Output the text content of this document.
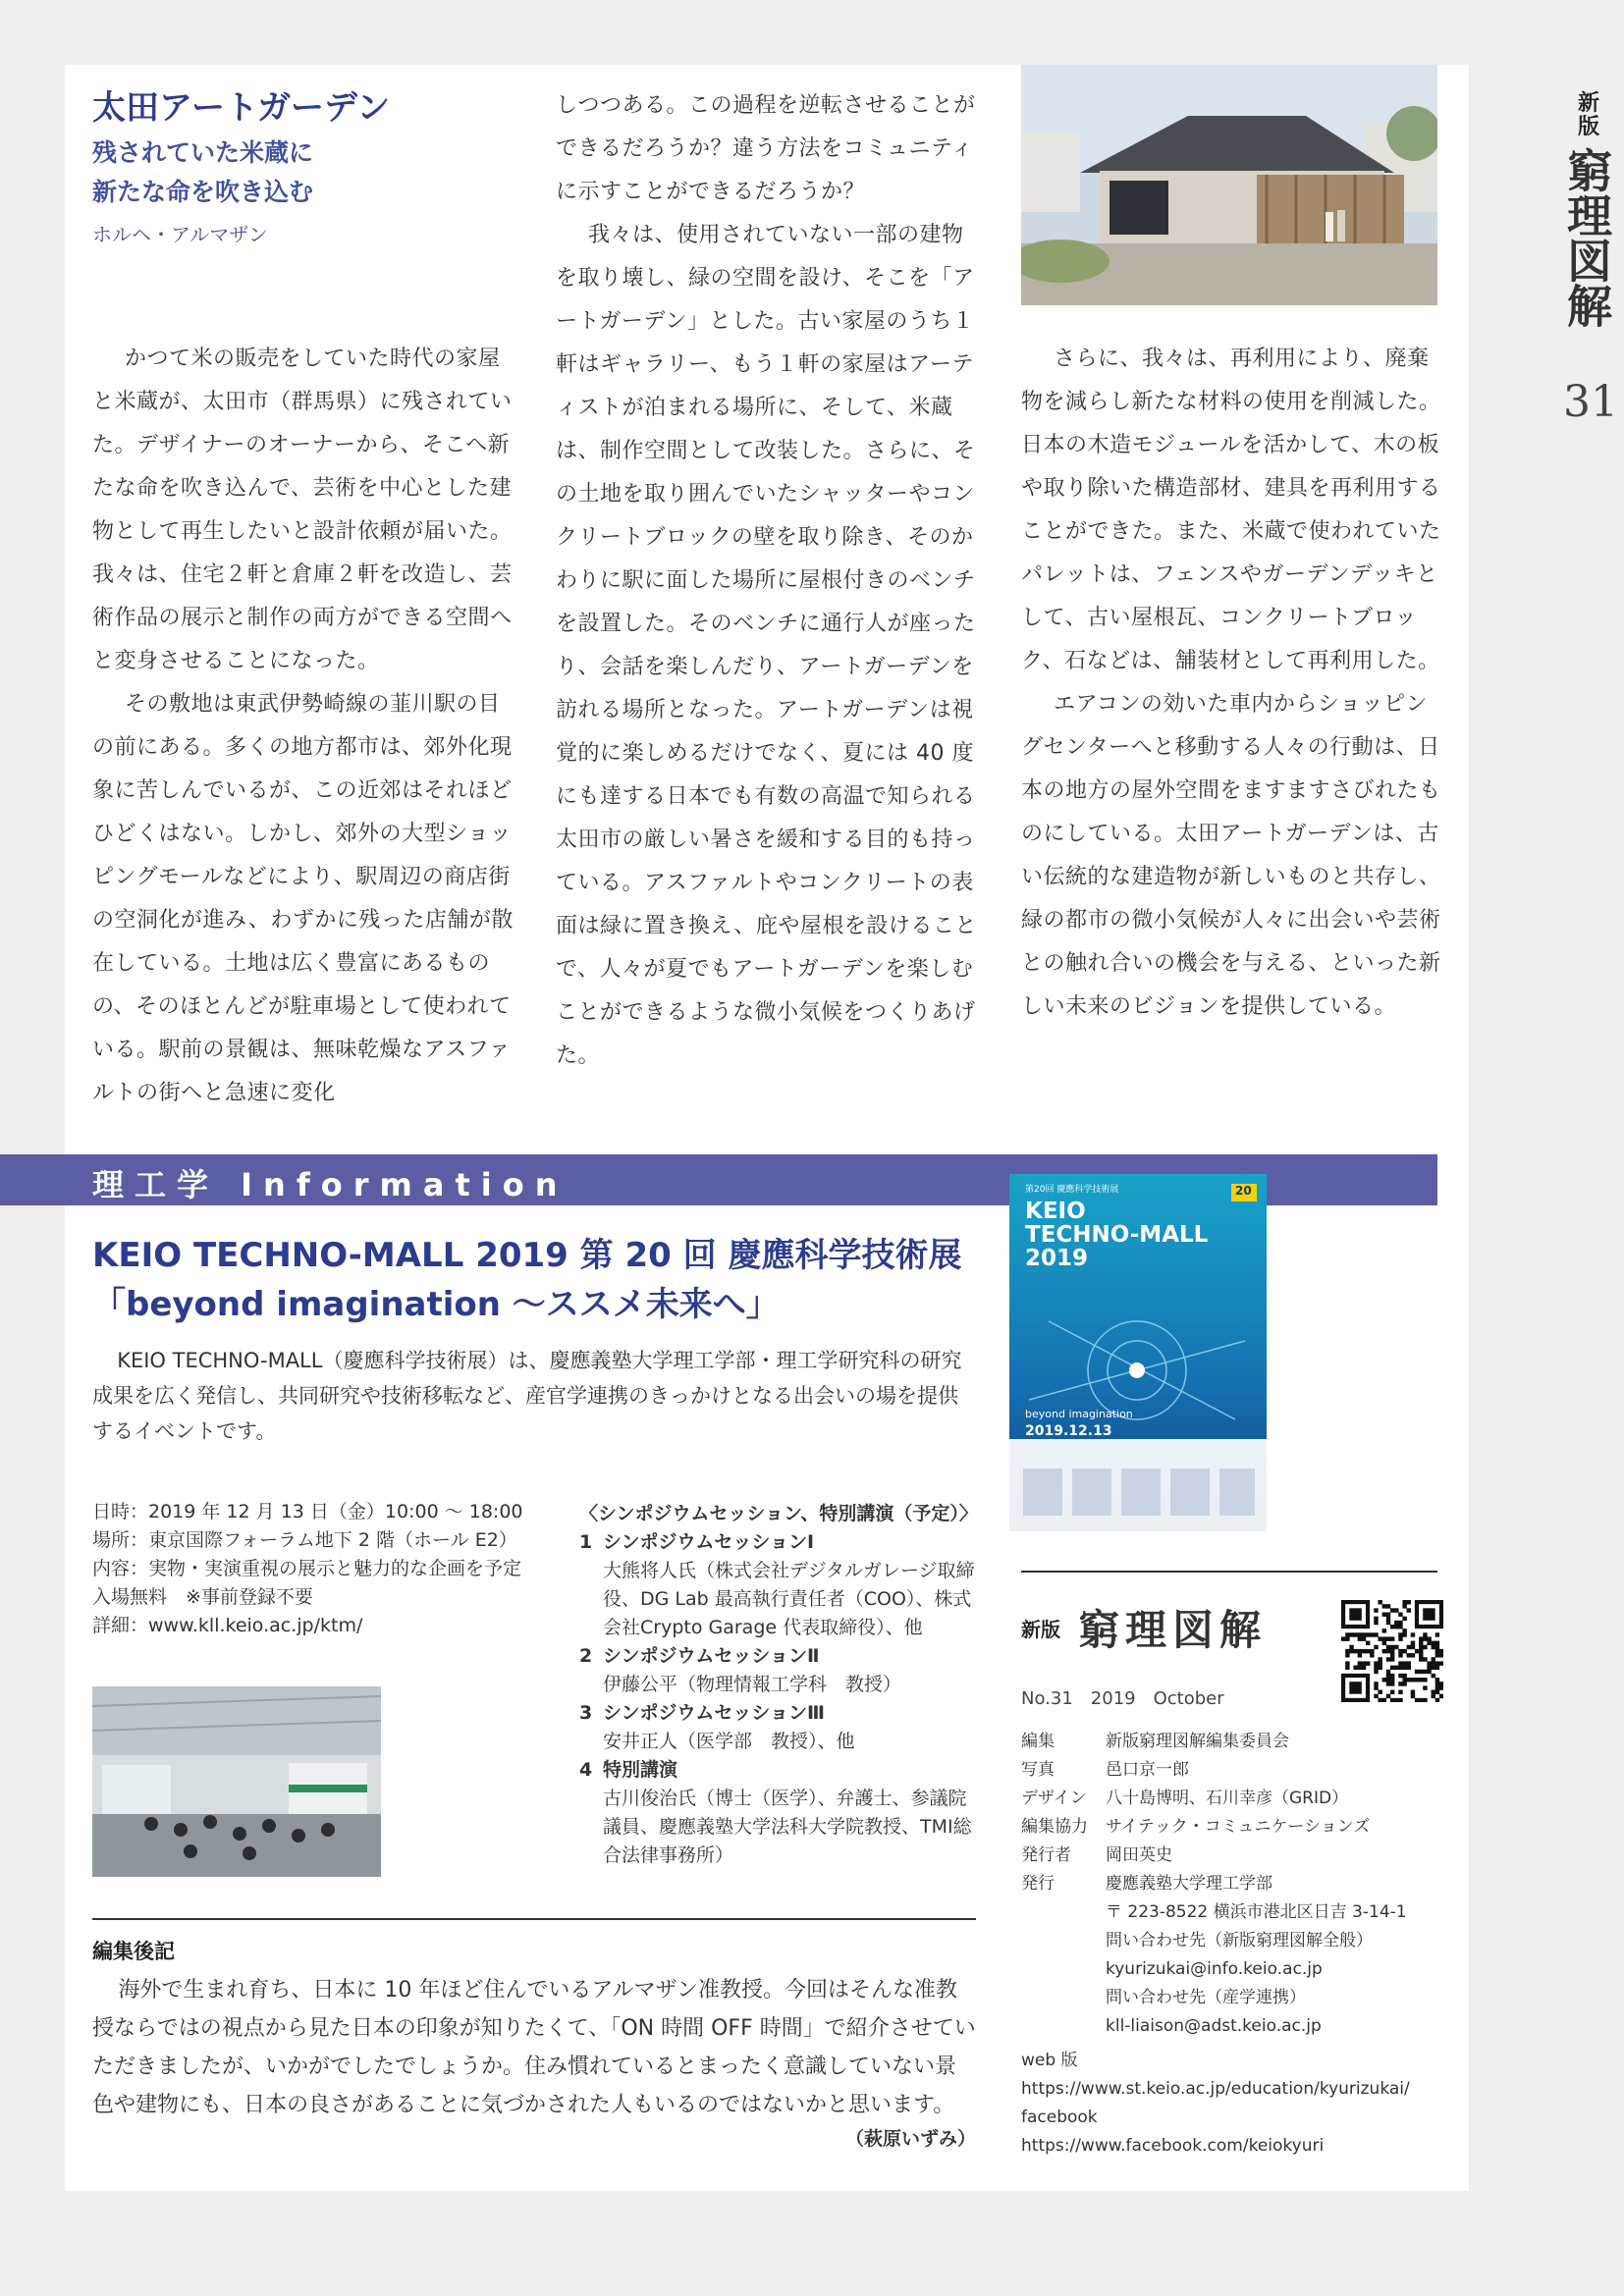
新版
窮理図解
31
太田アートガーデン
残されていた米蔵に
新たな命を吹き込む
ホルヘ・アルマザン

かつて米の販売をしていた時代の家屋と米蔵が、太田市（群馬県）に残されていた。デザイナーのオーナーから、そこへ新たな命を吹き込んで、芸術を中心とした建物として再生したいと設計依頼が届いた。我々は、住宅２軒と倉庫２軒を改造し、芸術作品の展示と制作の両方ができる空間へと変身させることになった。

その敷地は東武伊勢崎線の韮川駅の目の前にある。多くの地方都市は、郊外化現象に苦しんでいるが、この近郊はそれほどひどくはない。しかし、郊外の大型ショッピングモールなどにより、駅周辺の商店街の空洞化が進み、わずかに残った店舗が散在している。土地は広く豊富にあるものの、そのほとんどが駐車場として使われている。駅前の景観は、無味乾燥なアスファルトの街へと急速に変化

しつつある。この過程を逆転させることができるだろうか？違う方法をコミュニティに示すことができるだろうか？

我々は、使用されていない一部の建物を取り壊し、緑の空間を設け、そこを「アートガーデン」とした。古い家屋のうち１軒はギャラリー、もう１軒の家屋はアーティストが泊まれる場所に、そして、米蔵は、制作空間として改装した。さらに、その土地を取り囲んでいたシャッターやコンクリートブロックの壁を取り除き、そのかわりに駅に面した場所に屋根付きのベンチを設置した。そのベンチに通行人が座ったり、会話を楽しんだり、アートガーデンを訪れる場所となった。アートガーデンは視覚的に楽しめるだけでなく、夏には 40 度にも達する日本でも有数の高温で知られる太田市の厳しい暑さを緩和する目的も持っている。アスファルトやコンクリートの表面は緑に置き換え、庇や屋根を設けることで、人々が夏でもアートガーデンを楽しむことができるような微小気候をつくりあげた。

さらに、我々は、再利用により、廃棄物を減らし新たな材料の使用を削減した。日本の木造モジュールを活かして、木の板や取り除いた構造部材、建具を再利用することができた。また、米蔵で使われていたパレットは、フェンスやガーデンデッキとして、古い屋根瓦、コンクリートブロック、石などは、舗装材として再利用した。

エアコンの効いた車内からショッピングセンターへと移動する人々の行動は、日本の地方の屋外空間をますますさびれたものにしている。太田アートガーデンは、古い伝統的な建造物が新しいものと共存し、緑の都市の微小気候が人々に出会いや芸術との触れ合いの機会を与える、といった新しい未来のビジョンを提供している。

理工学 Information
KEIO TECHNO-MALL 2019 第 20 回 慶應科学技術展
「beyond imagination ～ススメ未来へ」

KEIO TECHNO-MALL（慶應科学技術展）は、慶應義塾大学理工学部・理工学研究科の研究成果を広く発信し、共同研究や技術移転など、産官学連携のきっかけとなる出会いの場を提供するイベントです。

第20回 慶應科学技術展	20
KEIO
TECHNO-MALL
2019
beyond imagination
2019.12.13
日時：2019 年 12 月 13 日（金）10:00 ～ 18:00
場所：東京国際フォーラム地下 2 階（ホール E2）
内容：実物・実演重視の展示と魅力的な企画を予定
入場無料　※事前登録不要
詳細：www.kll.keio.ac.jp/ktm/
〈シンポジウムセッション、特別講演（予定）〉
1 シンポジウムセッションⅠ
大熊将人氏（株式会社デジタルガレージ取締役、DG Lab 最高執行責任者（COO）、株式会社Crypto Garage 代表取締役）、他
2 シンポジウムセッションⅡ
伊藤公平（物理情報工学科　教授）
3 シンポジウムセッションⅢ
安井正人（医学部　教授）、他
4 特別講演
古川俊治氏（博士（医学）、弁護士、参議院議員、慶應義塾大学法科大学院教授、TMI総合法律事務所）
編集後記

海外で生まれ育ち、日本に 10 年ほど住んでいるアルマザン准教授。今回はそんな准教授ならではの視点から見た日本の印象が知りたくて、「ON 時間 OFF 時間」で紹介させていただきましたが、いかがでしたでしょうか。住み慣れているとまったく意識していない景色や建物にも、日本の良さがあることに気づかされた人もいるのではないかと思います。

（萩原いずみ）
新版 窮理図解
No.31　2019　October
編集	新版窮理図解編集委員会
写真	邑口京一郎
デザイン	八十島博明、石川幸彦（GRID）
編集協力	サイテック・コミュニケーションズ
発行者	岡田英史
発行	慶應義塾大学理工学部
〒 223-8522 横浜市港北区日吉 3-14-1
問い合わせ先（新版窮理図解全般）
kyurizukai@info.keio.ac.jp
問い合わせ先（産学連携）
kll-liaison@adst.keio.ac.jp
web 版
https://www.st.keio.ac.jp/education/kyurizukai/
facebook
https://www.facebook.com/keiokyuri
